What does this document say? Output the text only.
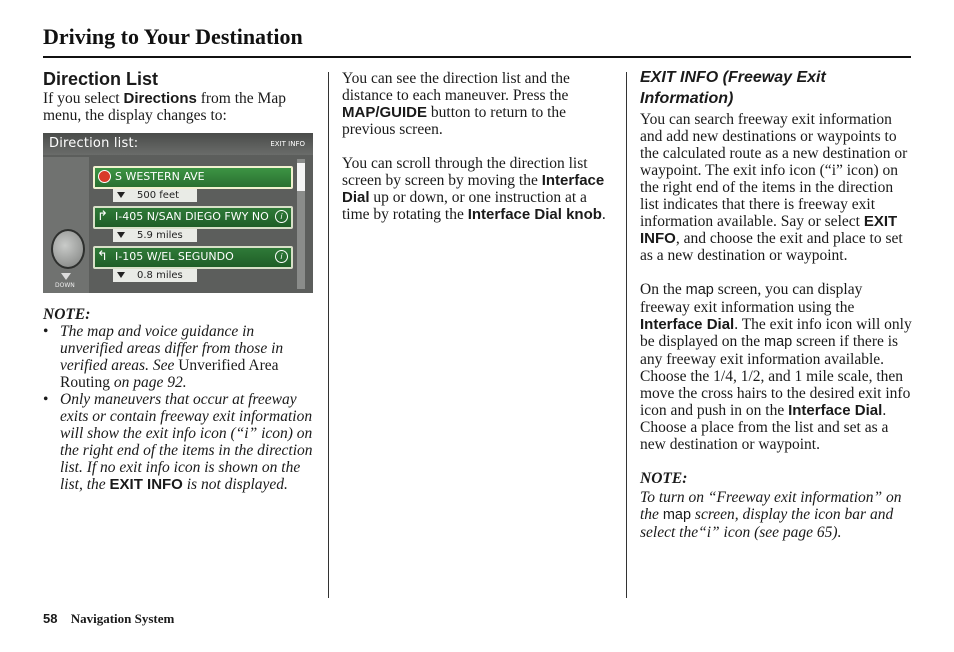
Driving to Your Destination
Direction List

If you select Directions from the Map menu, the display changes to:

Direction list:	EXIT INFO
DOWN
S WESTERN AVE
500 feet
↱ I-405 N/SAN DIEGO FWY NO	i
5.9 miles
↰ I-105 W/EL SEGUNDO	i
0.8 miles

NOTE:

• The map and voice guidance in unverified areas differ from those in verified areas. See Unverified Area Routing on page 92.
• Only maneuvers that occur at freeway exits or contain freeway exit information will show the exit info icon (“i” icon) on the right end of the items in the direction list. If no exit info icon is shown on the list, the EXIT INFO is not displayed.

You can see the direction list and the distance to each maneuver. Press the MAP/GUIDE button to return to the previous screen.

You can scroll through the direction list screen by screen by moving the Interface Dial up or down, or one instruction at a time by rotating the Interface Dial knob.

EXIT INFO (Freeway Exit Information)

You can search freeway exit information and add new destinations or waypoints to the calculated route as a new destination or waypoint. The exit info icon (“i” icon) on the right end of the items in the direction list indicates that there is freeway exit information available. Say or select EXIT INFO, and choose the exit and place to set as a new destination or waypoint.

On the map screen, you can display freeway exit information using the Interface Dial. The exit info icon will only be displayed on the map screen if there is any freeway exit information available. Choose the 1/4, 1/2, and 1 mile scale, then move the cross hairs to the desired exit info icon and push in on the Interface Dial. Choose a place from the list and set as a new destination or waypoint.

NOTE:

To turn on “Freeway exit information” on the map screen, display the icon bar and select the“i” icon (see page 65).

58 Navigation System
